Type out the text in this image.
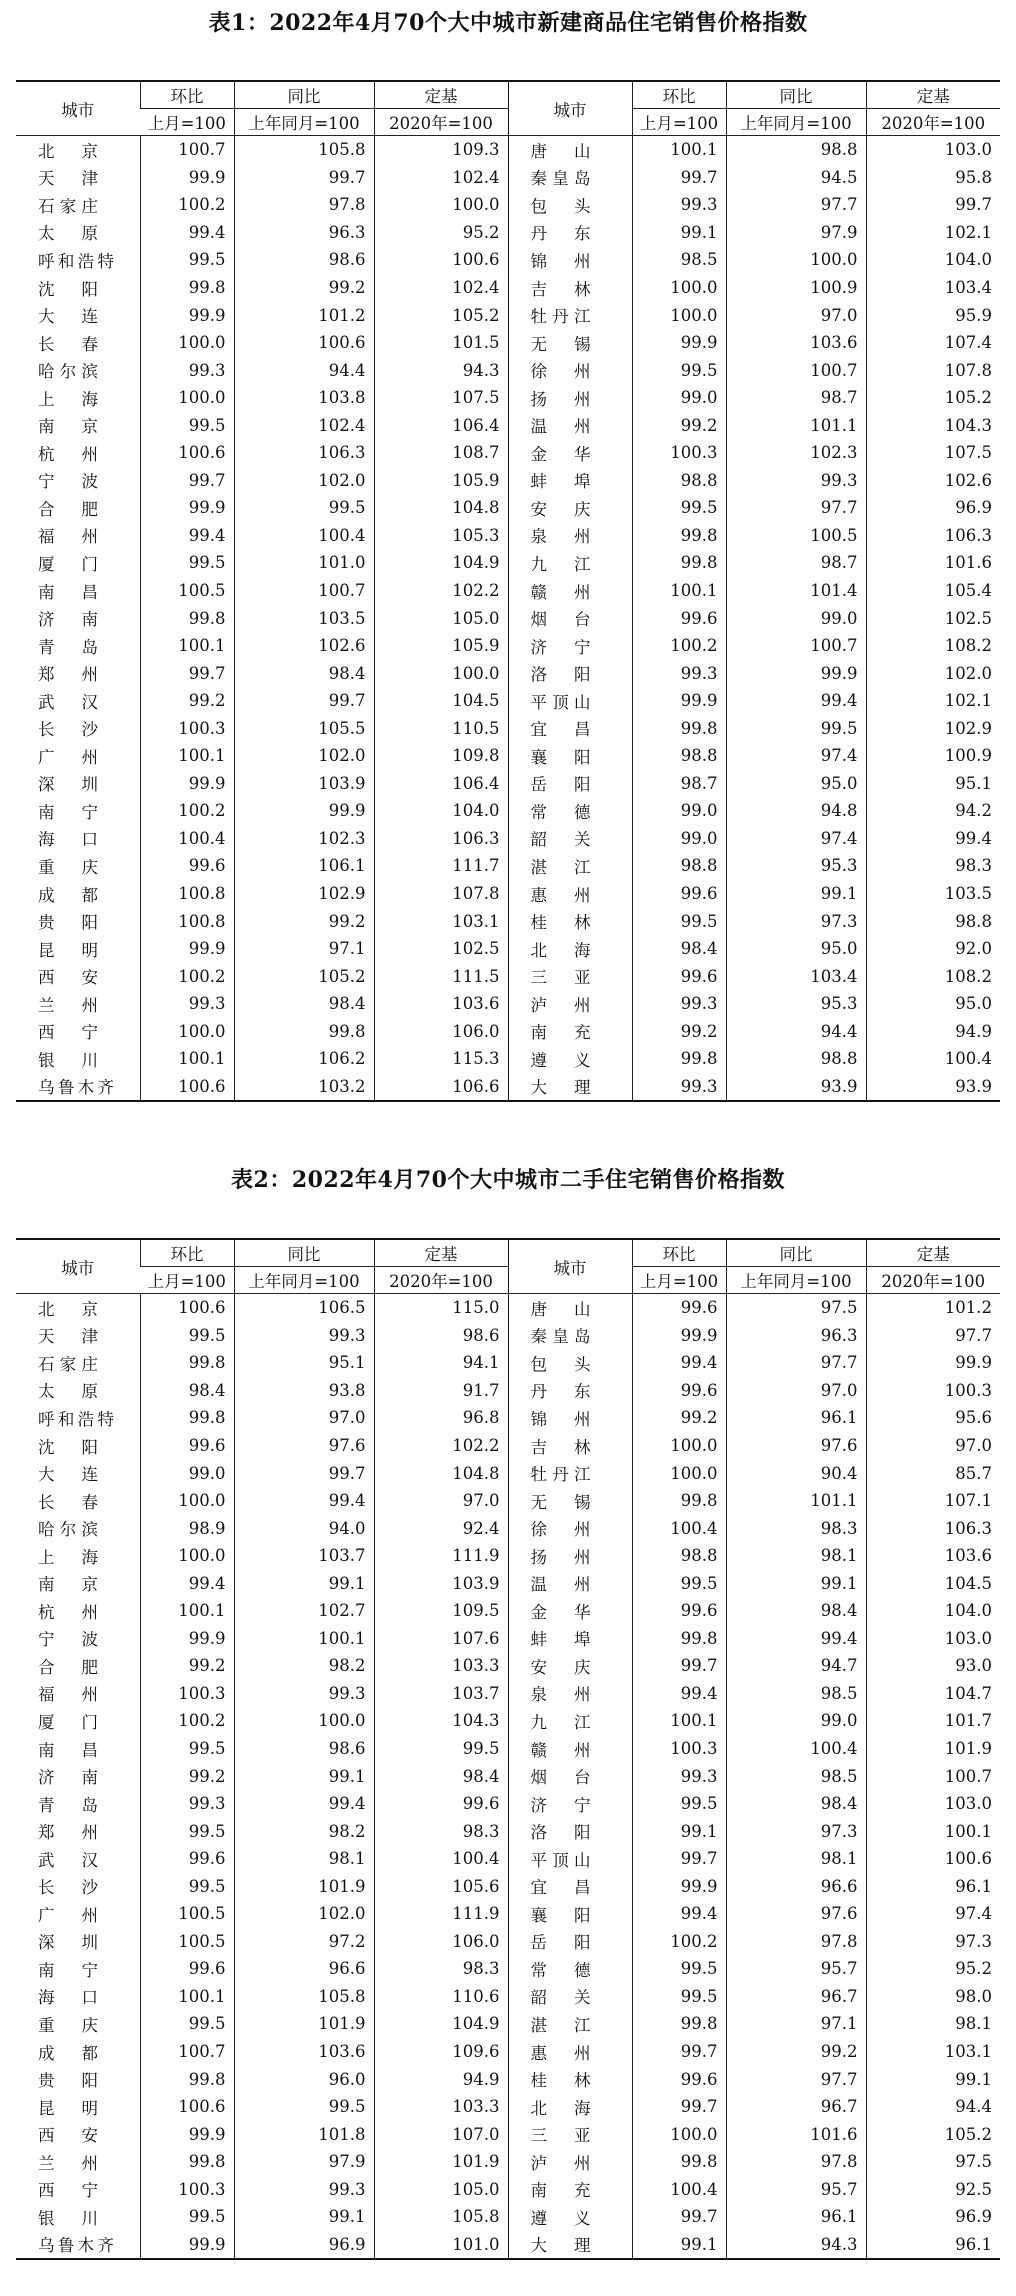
表1：2022年4月70个大中城市新建商品住宅销售价格指数
城市	环比	同比	定基	城市	环比	同比	定基
	上月=100	上年同月=100	2020年=100		上月=100	上年同月=100	2020年=100
北京	100.7	105.8	109.3	唐山	100.1	98.8	103.0
天津	99.9	99.7	102.4	秦皇岛	99.7	94.5	95.8
石家庄	100.2	97.8	100.0	包头	99.3	97.7	99.7
太原	99.4	96.3	95.2	丹东	99.1	97.9	102.1
呼和浩特	99.5	98.6	100.6	锦州	98.5	100.0	104.0
沈阳	99.8	99.2	102.4	吉林	100.0	100.9	103.4
大连	99.9	101.2	105.2	牡丹江	100.0	97.0	95.9
长春	100.0	100.6	101.5	无锡	99.9	103.6	107.4
哈尔滨	99.3	94.4	94.3	徐州	99.5	100.7	107.8
上海	100.0	103.8	107.5	扬州	99.0	98.7	105.2
南京	99.5	102.4	106.4	温州	99.2	101.1	104.3
杭州	100.6	106.3	108.7	金华	100.3	102.3	107.5
宁波	99.7	102.0	105.9	蚌埠	98.8	99.3	102.6
合肥	99.9	99.5	104.8	安庆	99.5	97.7	96.9
福州	99.4	100.4	105.3	泉州	99.8	100.5	106.3
厦门	99.5	101.0	104.9	九江	99.8	98.7	101.6
南昌	100.5	100.7	102.2	赣州	100.1	101.4	105.4
济南	99.8	103.5	105.0	烟台	99.6	99.0	102.5
青岛	100.1	102.6	105.9	济宁	100.2	100.7	108.2
郑州	99.7	98.4	100.0	洛阳	99.3	99.9	102.0
武汉	99.2	99.7	104.5	平顶山	99.9	99.4	102.1
长沙	100.3	105.5	110.5	宜昌	99.8	99.5	102.9
广州	100.1	102.0	109.8	襄阳	98.8	97.4	100.9
深圳	99.9	103.9	106.4	岳阳	98.7	95.0	95.1
南宁	100.2	99.9	104.0	常德	99.0	94.8	94.2
海口	100.4	102.3	106.3	韶关	99.0	97.4	99.4
重庆	99.6	106.1	111.7	湛江	98.8	95.3	98.3
成都	100.8	102.9	107.8	惠州	99.6	99.1	103.5
贵阳	100.8	99.2	103.1	桂林	99.5	97.3	98.8
昆明	99.9	97.1	102.5	北海	98.4	95.0	92.0
西安	100.2	105.2	111.5	三亚	99.6	103.4	108.2
兰州	99.3	98.4	103.6	泸州	99.3	95.3	95.0
西宁	100.0	99.8	106.0	南充	99.2	94.4	94.9
银川	100.1	106.2	115.3	遵义	99.8	98.8	100.4
乌鲁木齐	100.6	103.2	106.6	大理	99.3	93.9	93.9
表2：2022年4月70个大中城市二手住宅销售价格指数
城市	环比	同比	定基	城市	环比	同比	定基
	上月=100	上年同月=100	2020年=100		上月=100	上年同月=100	2020年=100
北京	100.6	106.5	115.0	唐山	99.6	97.5	101.2
天津	99.5	99.3	98.6	秦皇岛	99.9	96.3	97.7
石家庄	99.8	95.1	94.1	包头	99.4	97.7	99.9
太原	98.4	93.8	91.7	丹东	99.6	97.0	100.3
呼和浩特	99.8	97.0	96.8	锦州	99.2	96.1	95.6
沈阳	99.6	97.6	102.2	吉林	100.0	97.6	97.0
大连	99.0	99.7	104.8	牡丹江	100.0	90.4	85.7
长春	100.0	99.4	97.0	无锡	99.8	101.1	107.1
哈尔滨	98.9	94.0	92.4	徐州	100.4	98.3	106.3
上海	100.0	103.7	111.9	扬州	98.8	98.1	103.6
南京	99.4	99.1	103.9	温州	99.5	99.1	104.5
杭州	100.1	102.7	109.5	金华	99.6	98.4	104.0
宁波	99.9	100.1	107.6	蚌埠	99.8	99.4	103.0
合肥	99.2	98.2	103.3	安庆	99.7	94.7	93.0
福州	100.3	99.3	103.7	泉州	99.4	98.5	104.7
厦门	100.2	100.0	104.3	九江	100.1	99.0	101.7
南昌	99.5	98.6	99.5	赣州	100.3	100.4	101.9
济南	99.2	99.1	98.4	烟台	99.3	98.5	100.7
青岛	99.3	99.4	99.6	济宁	99.5	98.4	103.0
郑州	99.5	98.2	98.3	洛阳	99.1	97.3	100.1
武汉	99.6	98.1	100.4	平顶山	99.7	98.1	100.6
长沙	99.5	101.9	105.6	宜昌	99.9	96.6	96.1
广州	100.5	102.0	111.9	襄阳	99.4	97.6	97.4
深圳	100.5	97.2	106.0	岳阳	100.2	97.8	97.3
南宁	99.6	96.6	98.3	常德	99.5	95.7	95.2
海口	100.1	105.8	110.6	韶关	99.5	96.7	98.0
重庆	99.5	101.9	104.9	湛江	99.8	97.1	98.1
成都	100.7	103.6	109.6	惠州	99.7	99.2	103.1
贵阳	99.8	96.0	94.9	桂林	99.6	97.7	99.1
昆明	100.6	99.5	103.3	北海	99.7	96.7	94.4
西安	99.9	101.8	107.0	三亚	100.0	101.6	105.2
兰州	99.8	97.9	101.9	泸州	99.8	97.8	97.5
西宁	100.3	99.3	105.0	南充	100.4	95.7	92.5
银川	99.5	99.1	105.8	遵义	99.7	96.1	96.9
乌鲁木齐	99.9	96.9	101.0	大理	99.1	94.3	96.1
